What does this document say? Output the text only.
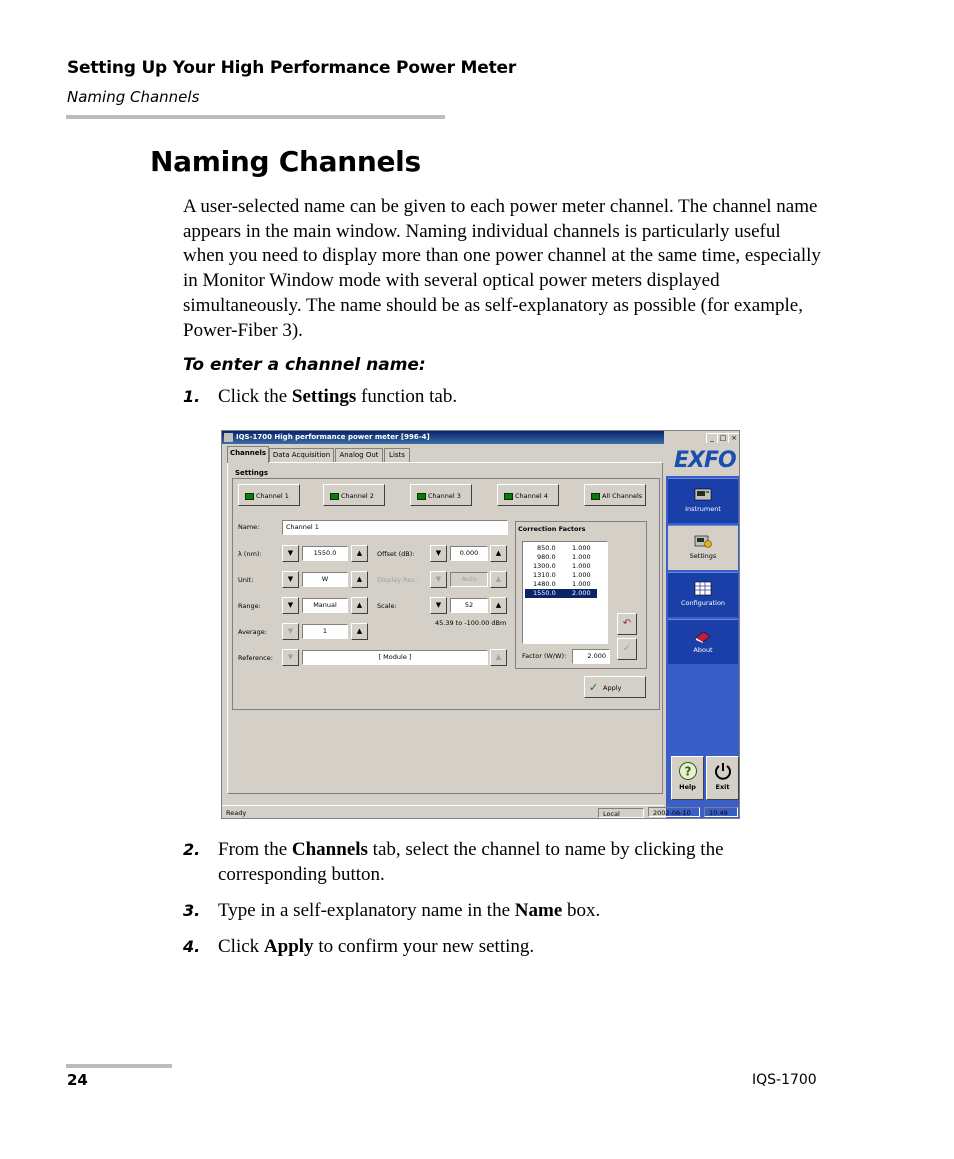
Setting Up Your High Performance Power Meter
Naming Channels
Naming Channels
A user-selected name can be given to each power meter channel. The channel name appears in the main window. Naming individual channels is particularly useful when you need to display more than one power channel at the same time, especially in Monitor Window mode with several optical power meters displayed simultaneously. The name should be as self-explanatory as possible (for example, Power-Fiber 3).
To enter a channel name:
1. Click the Settings function tab.
IQS-1700 High performance power meter [996-4]	_ □ ×
Channels Data Acquisition	Analog Out	Lists
Settings
Channel 1	Channel 2	Channel 3	Channel 4	All Channels
Name:	Channel 1
λ (nm):	▼	1550.0	▲
Unit:	▼	W	▲
Range:	▼	Manual	▲
Average:	▼	1	▲
Reference:	▼	[ Module ]	▲
Offset (dB):	▼	0.000	▲
Display Res.:	▼	Auto	▲
Scale:	▼	52	▲
45.39 to -100.00 dBm
Correction Factors
850.0	1.000
980.0	1.000
1300.0	1.000
1310.0	1.000
1480.0	1.000
1550.0	2.000
↶
✓
Factor (W/W):	2.000
✓ Apply
EXFO
Instrument
Settings
Configuration
About
?
Help	Exit
Ready	Local	2002-06-10	10:49
2. From the Channels tab, select the channel to name by clicking the corresponding button.
3. Type in a self-explanatory name in the Name box.
4. Click Apply to confirm your new setting.
24	IQS-1700
